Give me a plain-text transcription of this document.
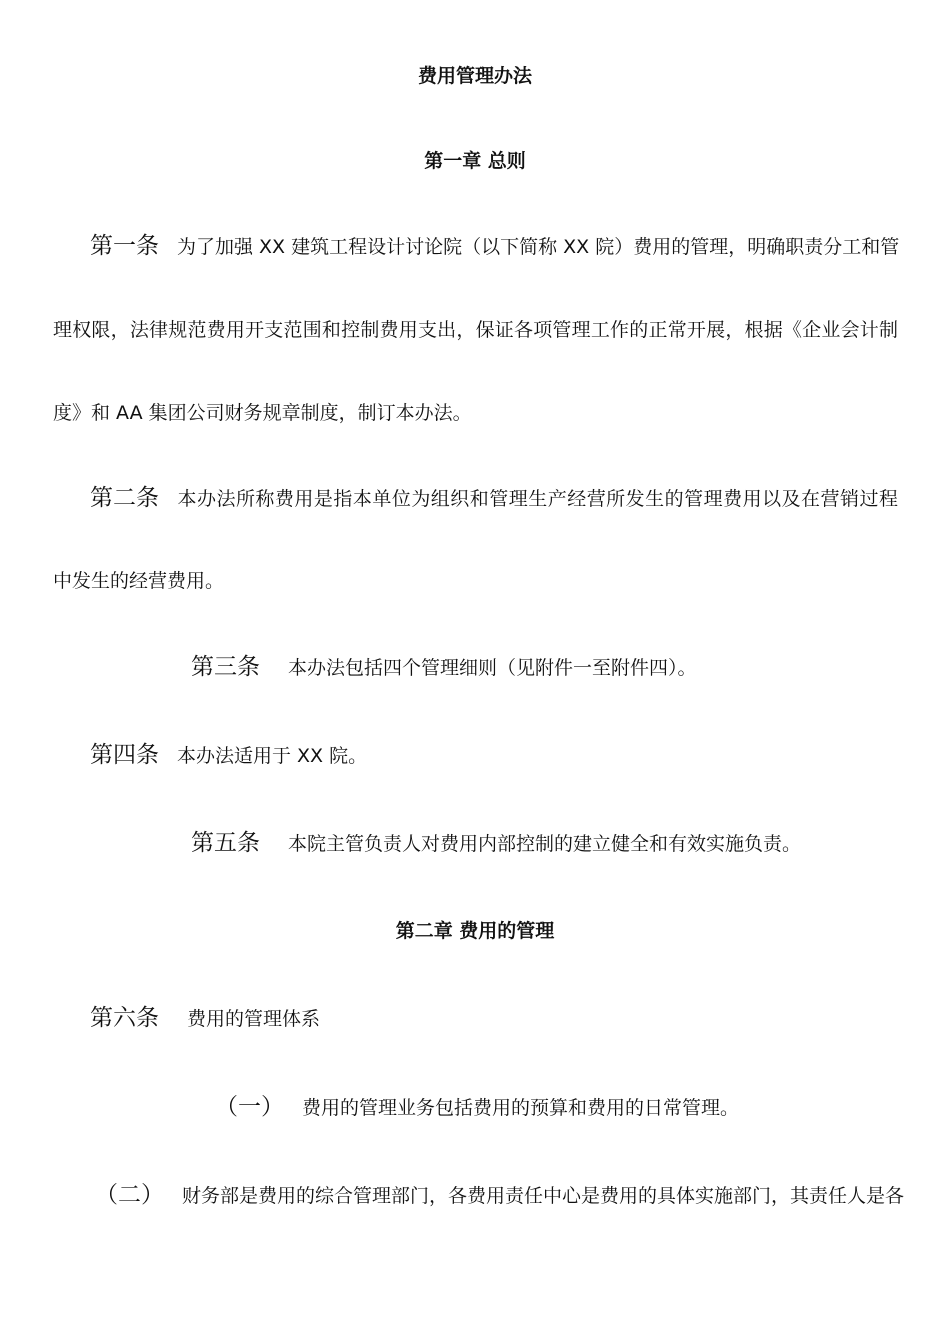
费用管理办法
第一章 总则
第一条 为了加强 XX 建筑工程设计讨论院（以下简称 XX 院）费用的管理，明确职责分工和管
理权限，法律规范费用开支范围和控制费用支出，保证各项管理工作的正常开展，根据《企业会计制
度》和 AA 集团公司财务规章制度，制订本办法。
第二条 本办法所称费用是指本单位为组织和管理生产经营所发生的管理费用以及在营销过程
中发生的经营费用。
第三条 本办法包括四个管理细则（见附件一至附件四）。
第四条 本办法适用于 XX 院。
第五条 本院主管负责人对费用内部控制的建立健全和有效实施负责。
第二章 费用的管理
第六条 费用的管理体系
（一） 费用的管理业务包括费用的预算和费用的日常管理。
（二） 财务部是费用的综合管理部门，各费用责任中心是费用的具体实施部门，其责任人是各
